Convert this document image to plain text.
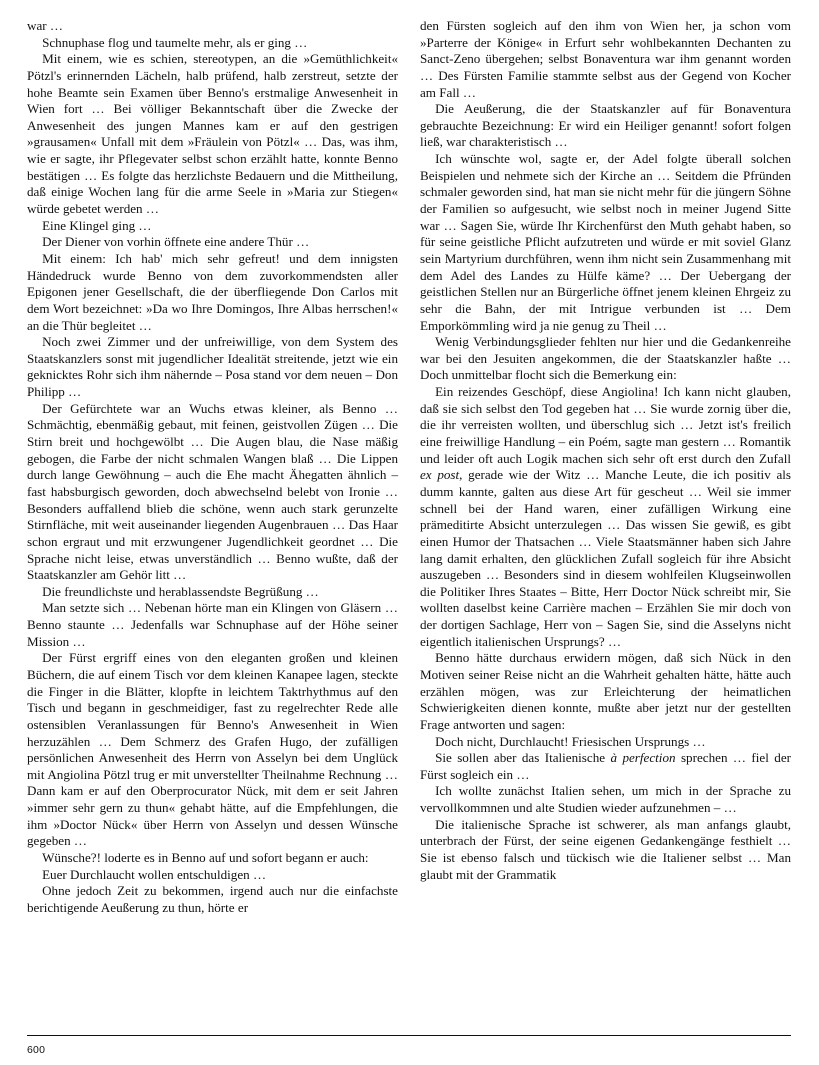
war …

Schnuphase flog und taumelte mehr, als er ging …

Mit einem, wie es schien, stereotypen, an die »Gemüthlichkeit« Pötzl's erinnernden Lächeln, halb prüfend, halb zerstreut, setzte der hohe Beamte sein Examen über Benno's erstmalige Anwesenheit in Wien fort … Bei völliger Bekanntschaft über die Zwecke der Anwesenheit des jungen Mannes kam er auf den gestrigen »grausamen« Unfall mit dem »Fräulein von Pötzl« … Das, was ihm, wie er sagte, ihr Pflegevater selbst schon erzählt hatte, konnte Benno bestätigen … Es folgte das herzlichste Bedauern und die Mittheilung, daß einige Wochen lang für die arme Seele in »Maria zur Stiegen« würde gebetet werden …

Eine Klingel ging …

Der Diener von vorhin öffnete eine andere Thür …

Mit einem: Ich hab' mich sehr gefreut! und dem innigsten Händedruck wurde Benno von dem zuvorkommendsten aller Epigonen jener Gesellschaft, die der überfliegende Don Carlos mit dem Wort bezeichnet: »Da wo Ihre Domingos, Ihre Albas herrschen!« an die Thür begleitet …

Noch zwei Zimmer und der unfreiwillige, von dem System des Staatskanzlers sonst mit jugendlicher Idealität streitende, jetzt wie ein geknicktes Rohr sich ihm nähernde – Posa stand vor dem neuen – Don Philipp …

Der Gefürchtete war an Wuchs etwas kleiner, als Benno … Schmächtig, ebenmäßig gebaut, mit feinen, geistvollen Zügen … Die Stirn breit und hochgewölbt … Die Augen blau, die Nase mäßig gebogen, die Farbe der nicht schmalen Wangen blaß … Die Lippen durch lange Gewöhnung – auch die Ehe macht Ähegatten ähnlich – fast habsburgisch geworden, doch abwechselnd belebt von Ironie … Besonders auffallend blieb die schöne, wenn auch stark gerunzelte Stirnfläche, mit weit auseinander liegenden Augenbrauen … Das Haar schon ergraut und mit erzwungener Jugendlichkeit geordnet … Die Sprache nicht leise, etwas unverständlich … Benno wußte, daß der Staatskanzler am Gehör litt …

Die freundlichste und herablassendste Begrüßung …

Man setzte sich … Nebenan hörte man ein Klingen von Gläsern … Benno staunte … Jedenfalls war Schnuphase auf der Höhe seiner Mission …

Der Fürst ergriff eines von den eleganten großen und kleinen Büchern, die auf einem Tisch vor dem kleinen Kanapee lagen, steckte die Finger in die Blätter, klopfte in leichtem Taktrhythmus auf den Tisch und begann in geschmeidiger, fast zu regelrechter Rede alle ostensiblen Veranlassungen für Benno's Anwesenheit in Wien herzuzählen … Dem Schmerz des Grafen Hugo, der zufälligen persönlichen Anwesenheit des Herrn von Asselyn bei dem Unglück mit Angiolina Pötzl trug er mit unverstellter Theilnahme Rechnung … Dann kam er auf den Oberprocurator Nück, mit dem er seit Jahren »immer sehr gern zu thun« gehabt hätte, auf die Empfehlungen, die ihm »Doctor Nück« über Herrn von Asselyn und dessen Wünsche gegeben …

Wünsche?! loderte es in Benno auf und sofort begann er auch:

Euer Durchlaucht wollen entschuldigen …

Ohne jedoch Zeit zu bekommen, irgend auch nur die einfachste berichtigende Aeußerung zu thun, hörte er

den Fürsten sogleich auf den ihm von Wien her, ja schon vom »Parterre der Könige« in Erfurt sehr wohlbekannten Dechanten zu Sanct-Zeno übergehen; selbst Bonaventura war ihm genannt worden … Des Fürsten Familie stammte selbst aus der Gegend von Kocher am Fall …

Die Aeußerung, die der Staatskanzler auf für Bonaventura gebrauchte Bezeichnung: Er wird ein Heiliger genannt! sofort folgen ließ, war charakteristisch …

Ich wünschte wol, sagte er, der Adel folgte überall solchen Beispielen und nehmete sich der Kirche an … Seitdem die Pfründen schmaler geworden sind, hat man sie nicht mehr für die jüngern Söhne der Familien so aufgesucht, wie selbst noch in meiner Jugend Sitte war … Sagen Sie, würde Ihr Kirchenfürst den Muth gehabt haben, so für seine geistliche Pflicht aufzutreten und würde er mit soviel Glanz sein Martyrium durchführen, wenn ihm nicht sein Zusammenhang mit dem Adel des Landes zu Hülfe käme? … Der Uebergang der geistlichen Stellen nur an Bürgerliche öffnet jenem kleinen Ehrgeiz zu sehr die Bahn, der mit Intrigue verbunden ist … Dem Emporkömmling wird ja nie genug zu Theil …

Wenig Verbindungsglieder fehlten nur hier und die Gedankenreihe war bei den Jesuiten angekommen, die der Staatskanzler haßte … Doch unmittelbar flocht sich die Bemerkung ein:

Ein reizendes Geschöpf, diese Angiolina! Ich kann nicht glauben, daß sie sich selbst den Tod gegeben hat … Sie wurde zornig über die, die ihr verreisten wollten, und überschlug sich … Jetzt ist's freilich eine freiwillige Handlung – ein Poém, sagte man gestern … Romantik und leider oft auch Logik machen sich sehr oft erst durch den Zufall ex post, gerade wie der Witz … Manche Leute, die ich positiv als dumm kannte, galten aus diese Art für gescheut … Weil sie immer schnell bei der Hand waren, einer zufälligen Wirkung eine prämeditirte Absicht unterzulegen … Das wissen Sie gewiß, es gibt einen Humor der Thatsachen … Viele Staatsmänner haben sich Jahre lang damit erhalten, den glücklichen Zufall sogleich für ihre Absicht auszugeben … Besonders sind in diesem wohlfeilen Klugseinwollen die Politiker Ihres Staates – Bitte, Herr Doctor Nück schreibt mir, Sie wollten daselbst keine Carrière machen – Erzählen Sie mir doch von der dortigen Sachlage, Herr von – Sagen Sie, sind die Asselyns nicht eigentlich italienischen Ursprungs? …

Benno hätte durchaus erwidern mögen, daß sich Nück in den Motiven seiner Reise nicht an die Wahrheit gehalten hätte, hätte auch erzählen mögen, was zur Erleichterung der heimatlichen Schwierigkeiten dienen konnte, mußte aber jetzt nur der gestellten Frage antworten und sagen:

Doch nicht, Durchlaucht! Friesischen Ursprungs …

Sie sollen aber das Italienische à perfection sprechen … fiel der Fürst sogleich ein …

Ich wollte zunächst Italien sehen, um mich in der Sprache zu vervollkommnen und alte Studien wieder aufzunehmen – …

Die italienische Sprache ist schwerer, als man anfangs glaubt, unterbrach der Fürst, der seine eigenen Gedankengänge festhielt … Sie ist ebenso falsch und tückisch wie die Italiener selbst … Man glaubt mit der Grammatik

600
